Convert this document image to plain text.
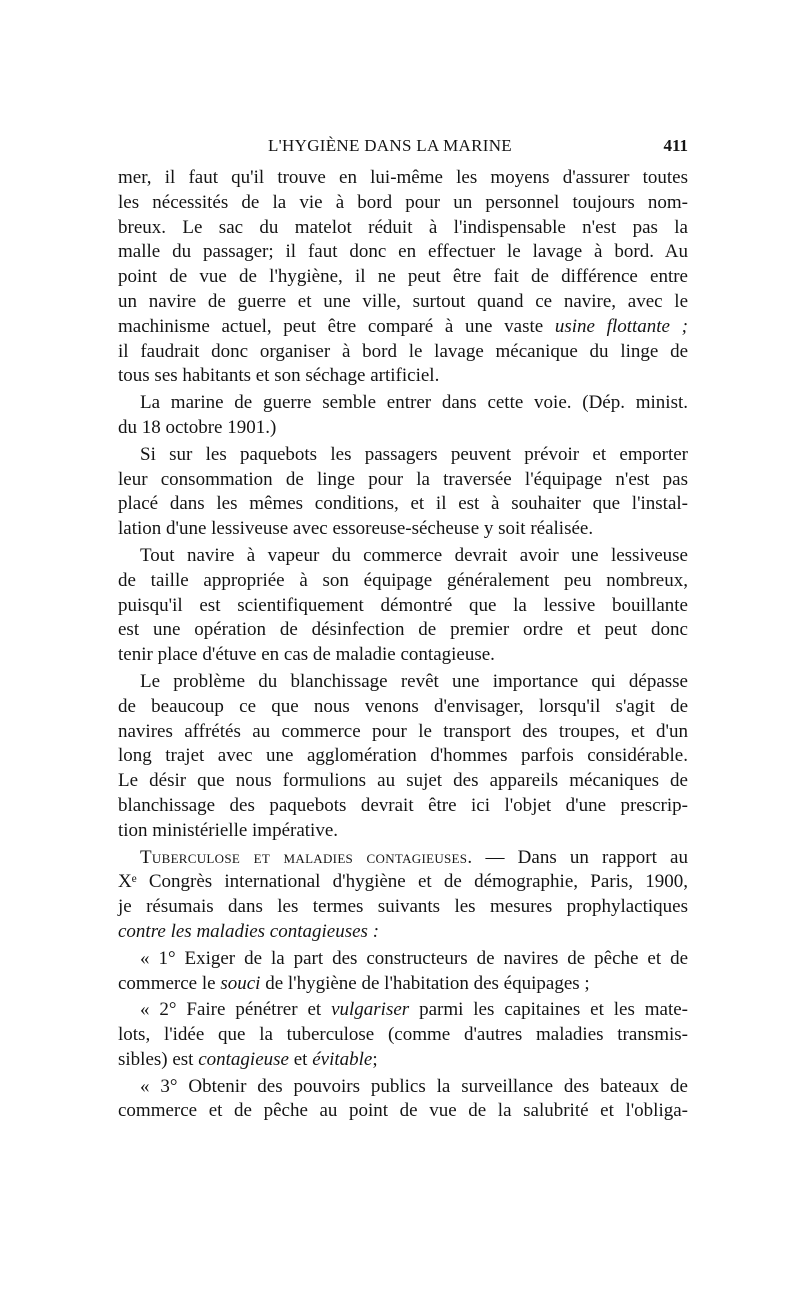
L'HYGIÈNE DANS LA MARINE	411
mer, il faut qu'il trouve en lui-même les moyens d'assurer toutes
les nécessités de la vie à bord pour un personnel toujours nom-
breux. Le sac du matelot réduit à l'indispensable n'est pas la
malle du passager; il faut donc en effectuer le lavage à bord. Au
point de vue de l'hygiène, il ne peut être fait de différence entre
un navire de guerre et une ville, surtout quand ce navire, avec le
machinisme actuel, peut être comparé à une vaste usine flottante ;
il faudrait donc organiser à bord le lavage mécanique du linge de
tous ses habitants et son séchage artificiel.
La marine de guerre semble entrer dans cette voie. (Dép. minist.
du 18 octobre 1901.)
Si sur les paquebots les passagers peuvent prévoir et emporter
leur consommation de linge pour la traversée l'équipage n'est pas
placé dans les mêmes conditions, et il est à souhaiter que l'instal-
lation d'une lessiveuse avec essoreuse-sécheuse y soit réalisée.
Tout navire à vapeur du commerce devrait avoir une lessiveuse
de taille appropriée à son équipage généralement peu nombreux,
puisqu'il est scientifiquement démontré que la lessive bouillante
est une opération de désinfection de premier ordre et peut donc
tenir place d'étuve en cas de maladie contagieuse.
Le problème du blanchissage revêt une importance qui dépasse
de beaucoup ce que nous venons d'envisager, lorsqu'il s'agit de
navires affrétés au commerce pour le transport des troupes, et d'un
long trajet avec une agglomération d'hommes parfois considérable.
Le désir que nous formulions au sujet des appareils mécaniques de
blanchissage des paquebots devrait être ici l'objet d'une prescrip-
tion ministérielle impérative.
Tuberculose et maladies contagieuses. — Dans un rapport au
Xᵉ Congrès international d'hygiène et de démographie, Paris, 1900,
je résumais dans les termes suivants les mesures prophylactiques
contre les maladies contagieuses :
« 1° Exiger de la part des constructeurs de navires de pêche et de
commerce le souci de l'hygiène de l'habitation des équipages ;
« 2° Faire pénétrer et vulgariser parmi les capitaines et les mate-
lots, l'idée que la tuberculose (comme d'autres maladies transmis-
sibles) est contagieuse et évitable;
« 3° Obtenir des pouvoirs publics la surveillance des bateaux de
commerce et de pêche au point de vue de la salubrité et l'obliga-
